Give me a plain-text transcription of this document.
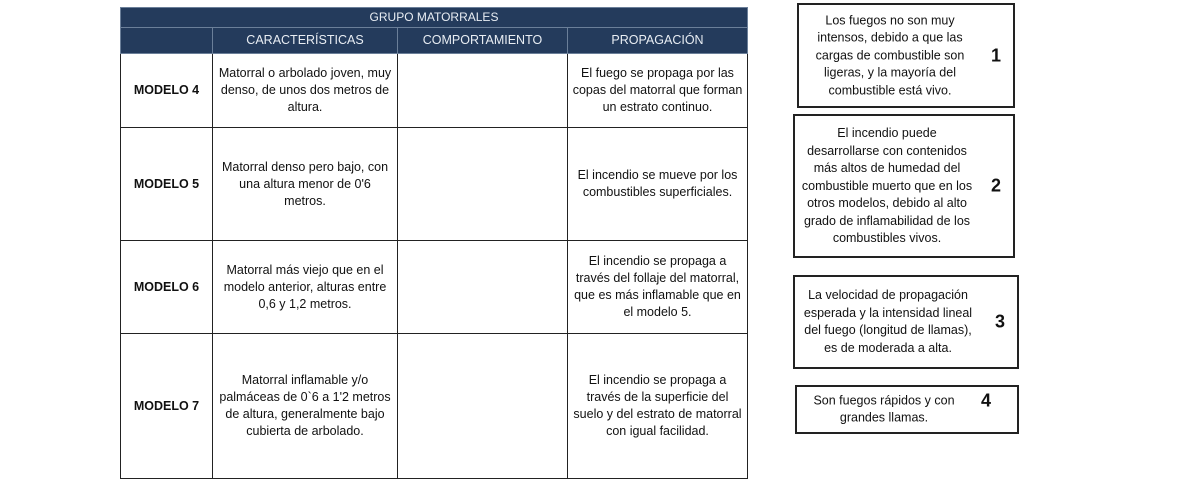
GRUPO MATORRALES			
	CARACTERÍSTICAS	COMPORTAMIENTO	PROPAGACIÓN
MODELO 4	Matorral o arbolado joven, muy denso, de unos dos metros de altura.		El fuego se propaga por las copas del matorral que forman un estrato continuo.
MODELO 5	Matorral denso pero bajo, con una altura menor de 0'6 metros.		El incendio se mueve por los combustibles superficiales.
MODELO 6	Matorral más viejo que en el modelo anterior, alturas entre 0,6 y 1,2 metros.		El incendio se propaga a través del follaje del matorral, que es más inflamable que en el modelo 5.
MODELO 7	Matorral inflamable y/o palmáceas de 0`6 a 1'2 metros de altura, generalmente bajo cubierta de arbolado.		El incendio se propaga a través de la superficie del suelo y del estrato de matorral con igual facilidad.
Los fuegos no son muy intensos, debido a que las cargas de combustible son ligeras, y la mayoría del combustible está vivo.
1
El incendio puede desarrollarse con contenidos más altos de humedad del combustible muerto que en los otros modelos, debido al alto grado de inflamabilidad de los combustibles vivos.
2
La velocidad de propagación esperada y la intensidad lineal del fuego (longitud de llamas), es de moderada a alta.
3
Son fuegos rápidos y con grandes llamas.
4
